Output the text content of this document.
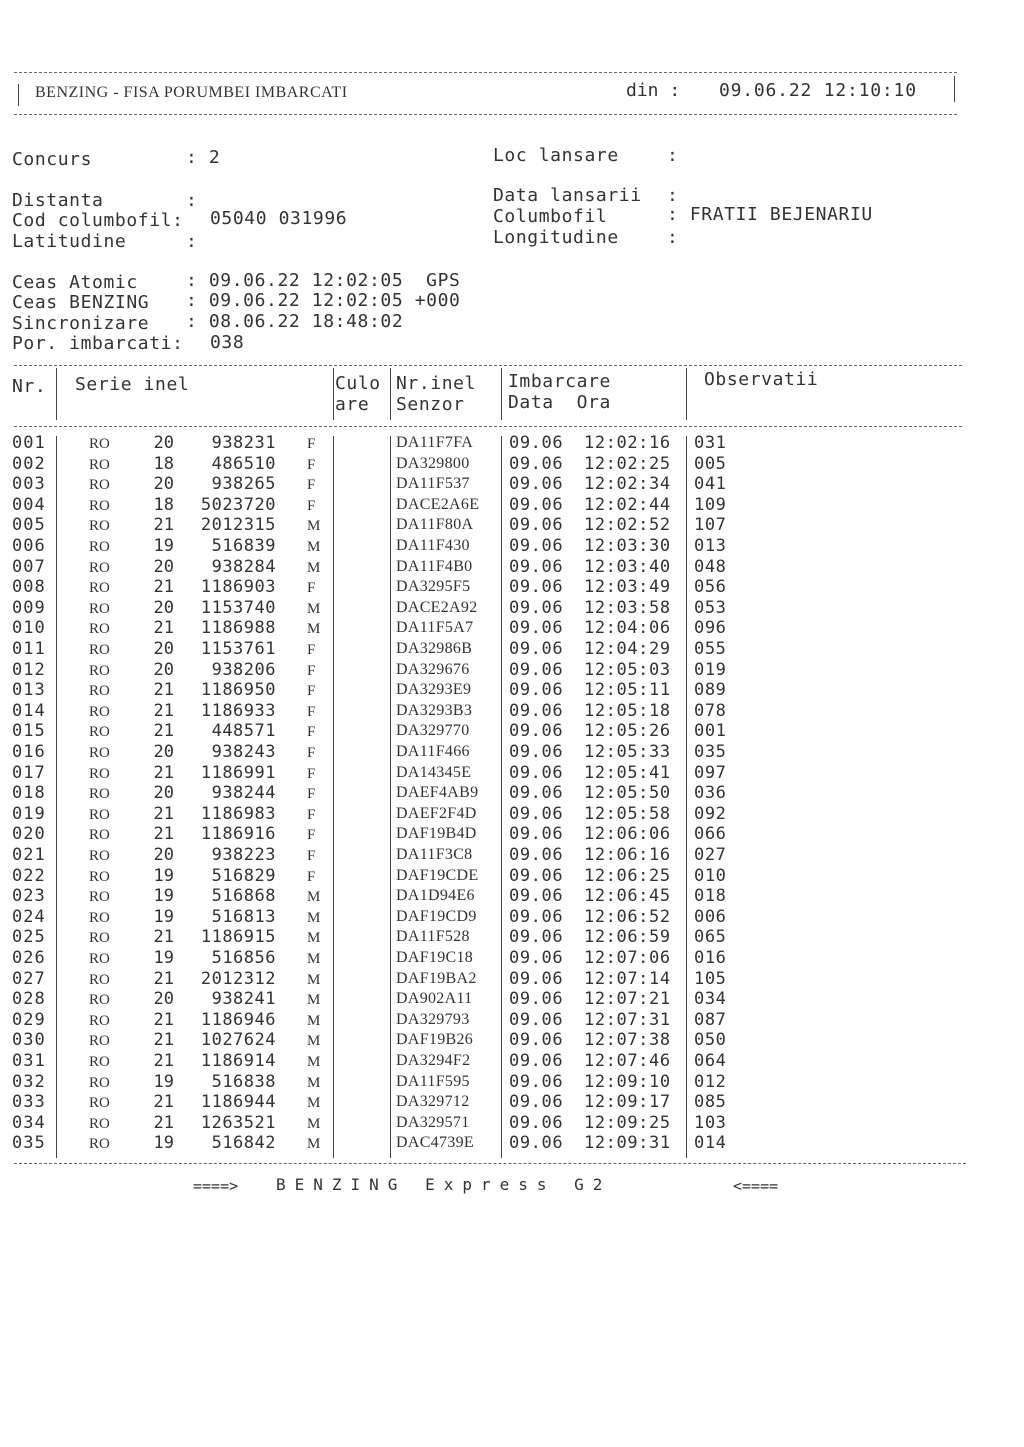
BENZING - FISA PORUMBEI IMBARCATI	din : 09.06.22 12:10:10
Concurs	: 2	Loc lansare	:
Distanta	:	Data lansarii :
Cod columbofil: 05040 031996	Columbofil	: FRATII BEJENARIU
Latitudine	:	Longitudine	:
Ceas Atomic	: 09.06.22 12:02:05  GPS
Ceas BENZING : 09.06.22 12:02:05 +000
Sincronizare : 08.06.22 18:48:02
Por. imbarcati: 038
Nr. Serie inel	Culo
are
Nr.inel
Senzor
Imbarcare
Data  Ora
Observatii
001	RO	20	938231 F	DA11F7FA 09.06 12:02:16 031
002	RO	18	486510 F	DA329800 09.06 12:02:25 005
003	RO	20	938265 F	DA11F537 09.06 12:02:34 041
004	RO	18	5023720 F	DACE2A6E 09.06 12:02:44 109
005	RO	21	2012315 M	DA11F80A 09.06 12:02:52 107
006	RO	19	516839 M	DA11F430 09.06 12:03:30 013
007	RO	20	938284 M	DA11F4B0 09.06 12:03:40 048
008	RO	21	1186903 F	DA3295F5 09.06 12:03:49 056
009	RO	20	1153740 M	DACE2A92 09.06 12:03:58 053
010	RO	21	1186988 M	DA11F5A7 09.06 12:04:06 096
011	RO	20	1153761 F	DA32986B 09.06 12:04:29 055
012	RO	20	938206 F	DA329676 09.06 12:05:03 019
013	RO	21	1186950 F	DA3293E9 09.06 12:05:11 089
014	RO	21	1186933 F	DA3293B3 09.06 12:05:18 078
015	RO	21	448571 F	DA329770 09.06 12:05:26 001
016	RO	20	938243 F	DA11F466 09.06 12:05:33 035
017	RO	21	1186991 F	DA14345E 09.06 12:05:41 097
018	RO	20	938244 F	DAEF4AB9 09.06 12:05:50 036
019	RO	21	1186983 F	DAEF2F4D 09.06 12:05:58 092
020	RO	21	1186916 F	DAF19B4D 09.06 12:06:06 066
021	RO	20	938223 F	DA11F3C8 09.06 12:06:16 027
022	RO	19	516829 F	DAF19CDE 09.06 12:06:25 010
023	RO	19	516868 M	DA1D94E6 09.06 12:06:45 018
024	RO	19	516813 M	DAF19CD9 09.06 12:06:52 006
025	RO	21	1186915 M	DA11F528 09.06 12:06:59 065
026	RO	19	516856 M	DAF19C18 09.06 12:07:06 016
027	RO	21	2012312 M	DAF19BA2 09.06 12:07:14 105
028	RO	20	938241 M	DA902A11 09.06 12:07:21 034
029	RO	21	1186946 M	DA329793 09.06 12:07:31 087
030	RO	21	1027624 M	DAF19B26 09.06 12:07:38 050
031	RO	21	1186914 M	DA3294F2 09.06 12:07:46 064
032	RO	19	516838 M	DA11F595 09.06 12:09:10 012
033	RO	21	1186944 M	DA329712 09.06 12:09:17 085
034	RO	21	1263521 M	DA329571 09.06 12:09:25 103
035	RO	19	516842 M	DAC4739E 09.06 12:09:31 014
====> BENZING Express G2	<====
